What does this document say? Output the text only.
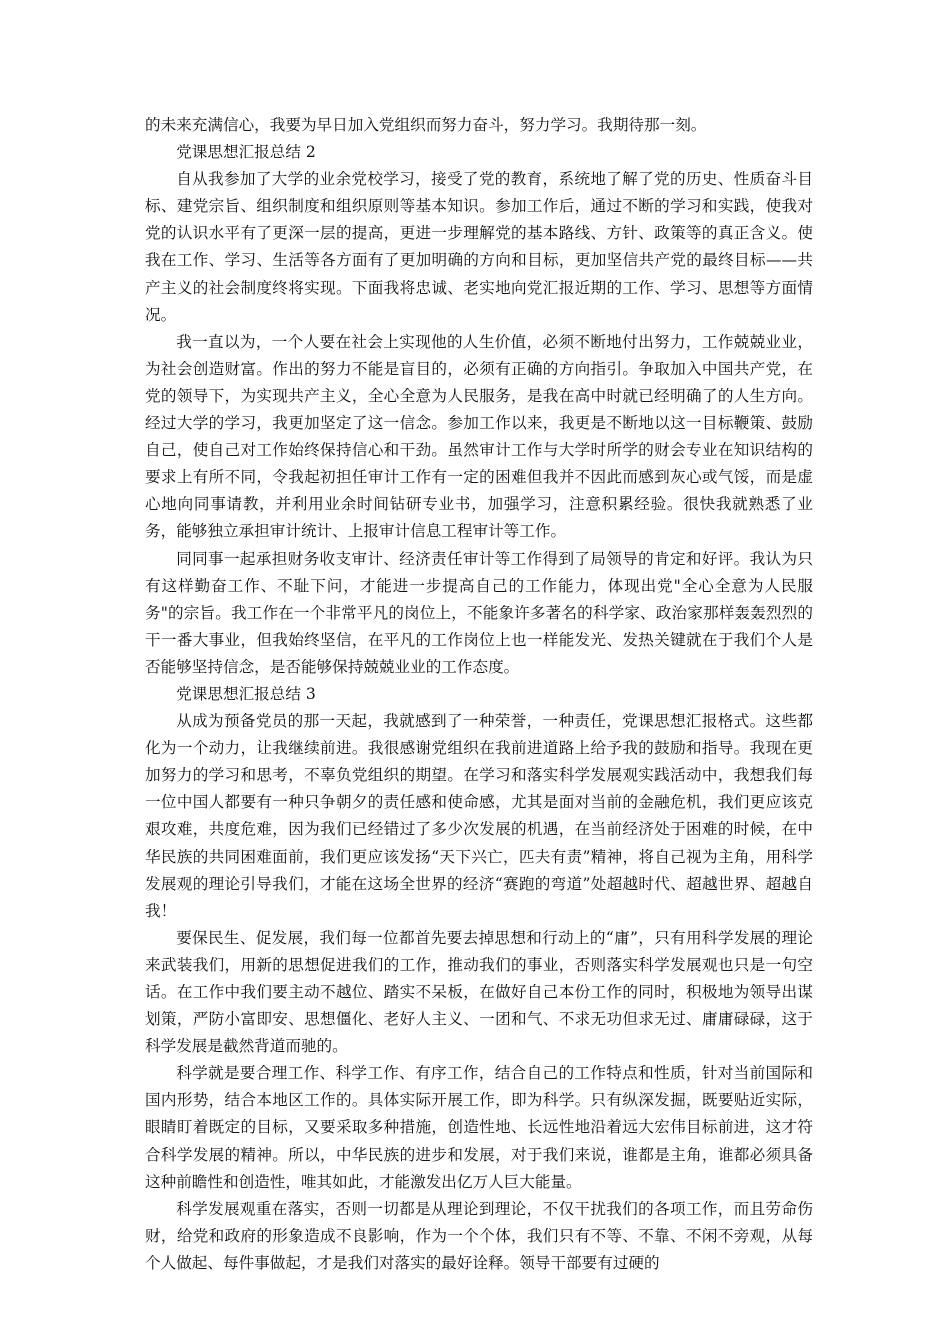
的未来充满信心，我要为早日加入党组织而努力奋斗，努力学习。我期待那一刻。

党课思想汇报总结 2

自从我参加了大学的业余党校学习，接受了党的教育，系统地了解了党的历史、性质奋斗目标、建党宗旨、组织制度和组织原则等基本知识。参加工作后，通过不断的学习和实践，使我对党的认识水平有了更深一层的提高，更进一步理解党的基本路线、方针、政策等的真正含义。使我在工作、学习、生活等各方面有了更加明确的方向和目标，更加坚信共产党的最终目标——共产主义的社会制度终将实现。下面我将忠诚、老实地向党汇报近期的工作、学习、思想等方面情况。

我一直以为，一个人要在社会上实现他的人生价值，必须不断地付出努力，工作兢兢业业，为社会创造财富。作出的努力不能是盲目的，必须有正确的方向指引。争取加入中国共产党，在党的领导下，为实现共产主义，全心全意为人民服务，是我在高中时就已经明确了的人生方向。经过大学的学习，我更加坚定了这一信念。参加工作以来，我更是不断地以这一目标鞭策、鼓励自己，使自己对工作始终保持信心和干劲。虽然审计工作与大学时所学的财会专业在知识结构的要求上有所不同，令我起初担任审计工作有一定的困难但我并不因此而感到灰心或气馁，而是虚心地向同事请教，并利用业余时间钻研专业书，加强学习，注意积累经验。很快我就熟悉了业务，能够独立承担审计统计、上报审计信息工程审计等工作。

同同事一起承担财务收支审计、经济责任审计等工作得到了局领导的肯定和好评。我认为只有这样勤奋工作、不耻下问，才能进一步提高自己的工作能力，体现出党"全心全意为人民服务"的宗旨。我工作在一个非常平凡的岗位上，不能象许多著名的科学家、政治家那样轰轰烈烈的干一番大事业，但我始终坚信，在平凡的工作岗位上也一样能发光、发热关键就在于我们个人是否能够坚持信念，是否能够保持兢兢业业的工作态度。

党课思想汇报总结 3

从成为预备党员的那一天起，我就感到了一种荣誉，一种责任，党课思想汇报格式。这些都化为一个动力，让我继续前进。我很感谢党组织在我前进道路上给予我的鼓励和指导。我现在更加努力的学习和思考，不辜负党组织的期望。在学习和落实科学发展观实践活动中，我想我们每一位中国人都要有一种只争朝夕的责任感和使命感，尤其是面对当前的金融危机，我们更应该克艰攻难，共度危难，因为我们已经错过了多少次发展的机遇，在当前经济处于困难的时候，在中华民族的共同困难面前，我们更应该发扬“天下兴亡，匹夫有责”精神，将自己视为主角，用科学发展观的理论引导我们，才能在这场全世界的经济“赛跑的弯道”处超越时代、超越世界、超越自我！

要保民生、促发展，我们每一位都首先要去掉思想和行动上的“庸”，只有用科学发展的理论来武装我们，用新的思想促进我们的工作，推动我们的事业，否则落实科学发展观也只是一句空话。在工作中我们要主动不越位、踏实不呆板，在做好自己本份工作的同时，积极地为领导出谋划策，严防小富即安、思想僵化、老好人主义、一团和气、不求无功但求无过、庸庸碌碌，这于科学发展是截然背道而驰的。

科学就是要合理工作、科学工作、有序工作，结合自己的工作特点和性质，针对当前国际和国内形势，结合本地区工作的。具体实际开展工作，即为科学。只有纵深发掘，既要贴近实际，眼睛盯着既定的目标，又要采取多种措施，创造性地、长远性地沿着远大宏伟目标前进，这才符合科学发展的精神。所以，中华民族的进步和发展，对于我们来说，谁都是主角，谁都必须具备这种前瞻性和创造性，唯其如此，才能激发出亿万人巨大能量。

科学发展观重在落实，否则一切都是从理论到理论，不仅干扰我们的各项工作，而且劳命伤财，给党和政府的形象造成不良影响，作为一个个体，我们只有不等、不靠、不闲不旁观，从每个人做起、每件事做起，才是我们对落实的最好诠释。领导干部要有过硬的
